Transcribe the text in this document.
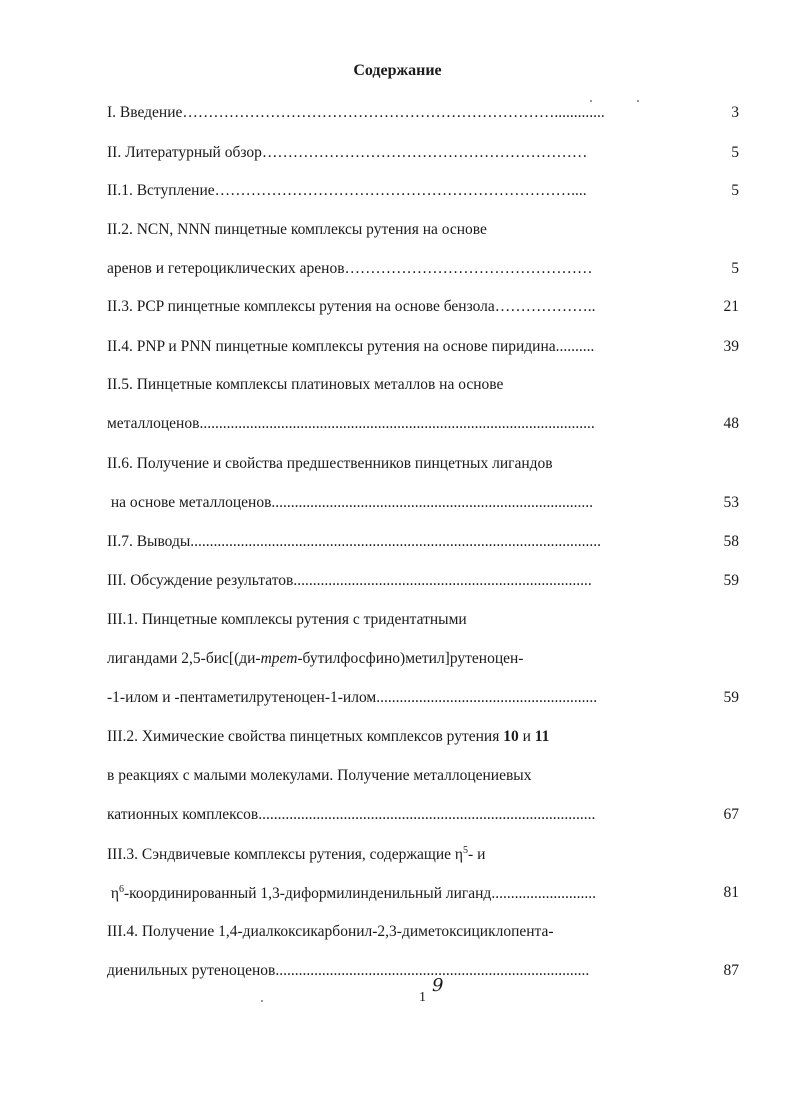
Содержание
I. Введение……………………………………………………………….............	3
II. Литературный обзор………………………………………………………	5
II.1. Вступление……………………………………………………………....	5
II.2. NCN, NNN пинцетные комплексы рутения на основе
аренов и гетероциклических аренов…………………………………………	5
II.3. PCP пинцетные комплексы рутения на основе бензола………………..	21
II.4. PNP и PNN пинцетные комплексы рутения на основе пиридина..........	39
II.5. Пинцетные комплексы платиновых металлов на основе
металлоценов......................................................................................................	48
II.6. Получение и свойства предшественников пинцетных лигандов
на основе металлоценов...................................................................................	53
II.7. Выводы..........................................................................................................	58
III. Обсуждение результатов.............................................................................	59
III.1. Пинцетные комплексы рутения с тридентатными
лигандами 2,5-бис[(ди-трет-бутилфосфино)метил]рутеноцен-
-1-илом и -пентаметилрутеноцен-1-илом.........................................................	59
III.2. Химические свойства пинцетных комплексов рутения 10 и 11
в реакциях с малыми молекулами. Получение металлоцениевых
катионных комплексов.......................................................................................	67
III.3. Сэндвичевые комплексы рутения, содержащие $\eta^5-$ и
$\eta^6$-координированный 1,3-диформилинденильный лиганд...........................	81
III.4. Получение 1,4-диалкоксикарбонил-2,3-диметоксициклопента-
диенильных рутеноценов.................................................................................	87
1
9
